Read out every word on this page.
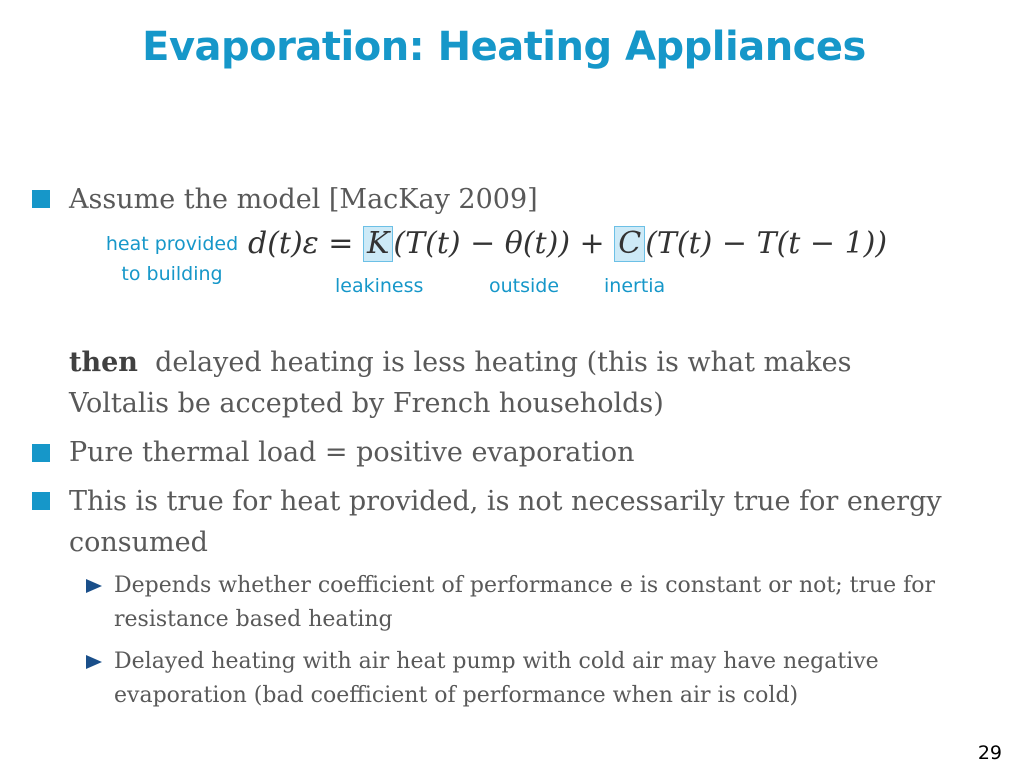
Evaporation: Heating Appliances
Assume the model [MacKay 2009]
heat provided
to building
d(t)ε = K (T(t) − θ(t)) + C (T(t) − T(t − 1))
leakiness	outside inertia
then delayed heating is less heating (this is what makes Voltalis be accepted by French households)
Pure thermal load = positive evaporation
This is true for heat provided, is not necessarily true for energy consumed
Depends whether coefficient of performance e is constant or not; true for resistance based heating
Delayed heating with air heat pump with cold air may have negative evaporation (bad coefficient of performance when air is cold)
29
